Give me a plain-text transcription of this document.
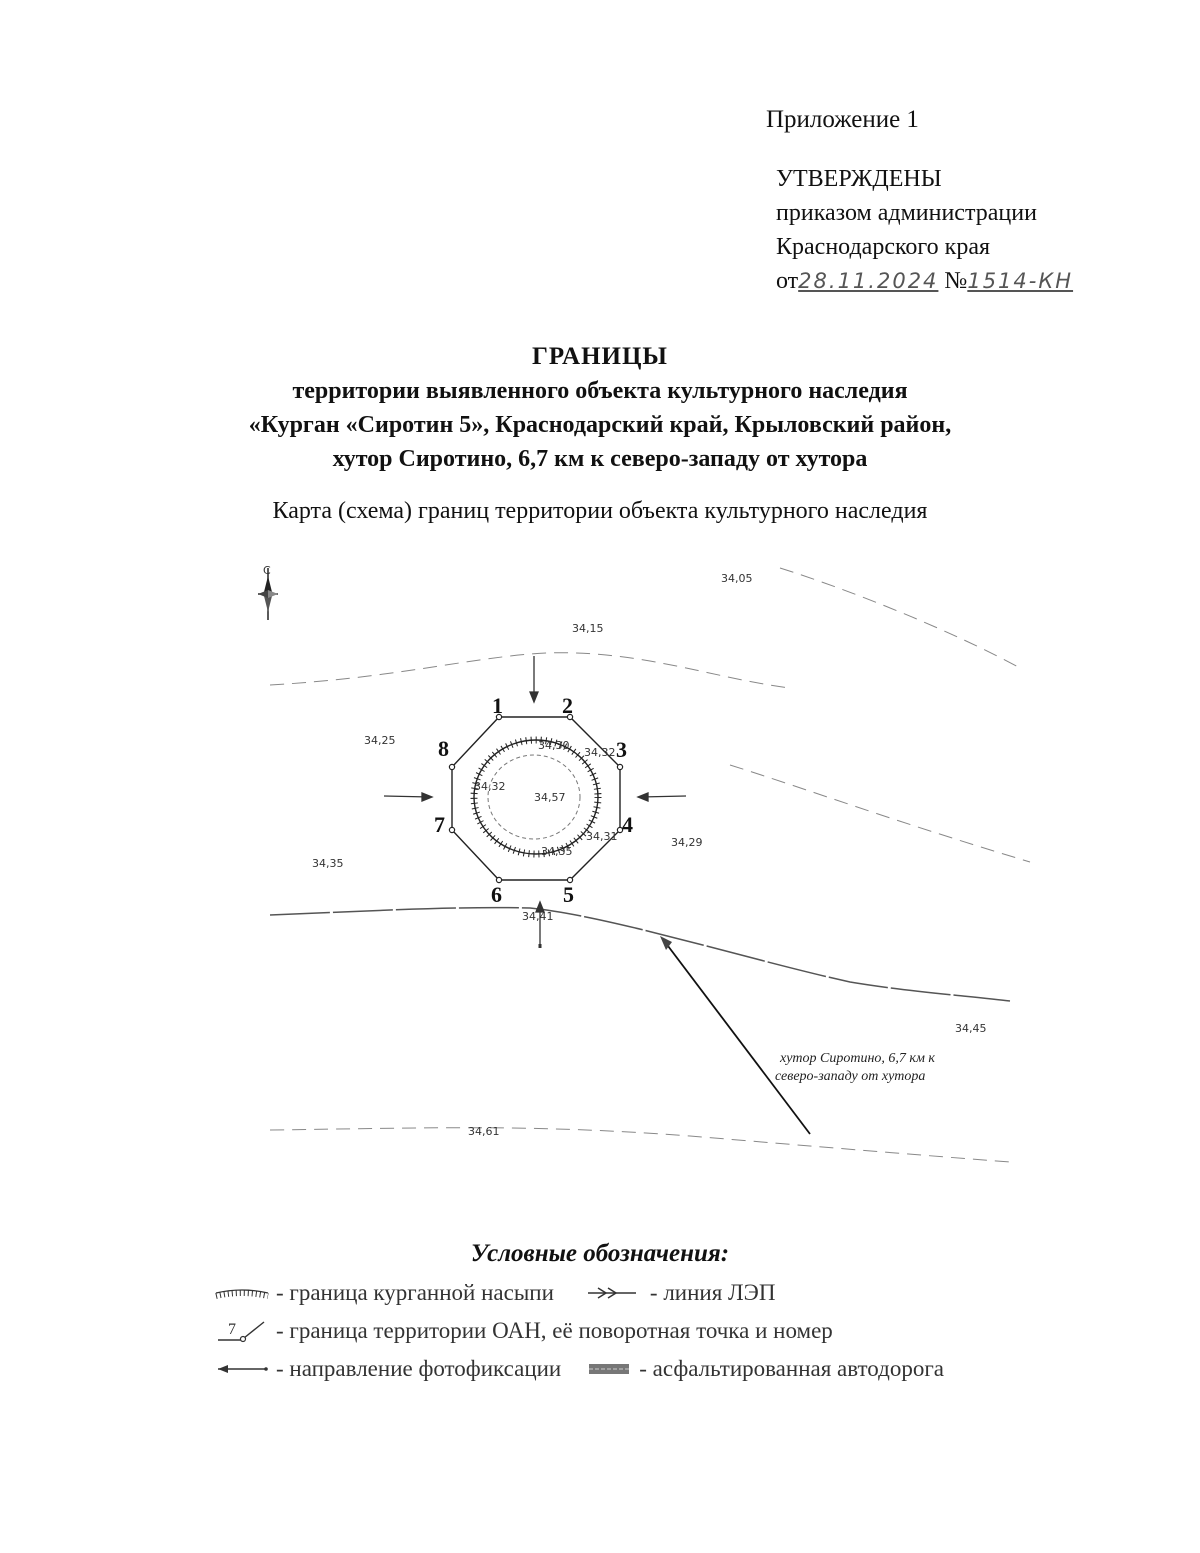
Приложение 1
УТВЕРЖДЕНЫ
приказом администрации
Краснодарского края
от28.11.2024 №1514-КН
ГРАНИЦЫ
территории выявленного объекта культурного наследия
«Курган «Сиротин 5», Краснодарский край, Крыловский район,
хутор Сиротино, 6,7 км к северо-западу от хутора
Карта (схема) границ территории объекта культурного наследия
С
хутор Сиротино, 6,7 км к
северо-западу от хутора
1	2
3
4
5
6
7
8
34,05
34,15
34,25
34,35
34,29
34,45
34,61
34,41
34,32
34,57
34,35
34,31
34,32
34,30
Условные обозначения:
- граница курганной насыпи	- линия ЛЭП
7 - граница территории ОАН, её поворотная точка и номер
- направление фотофиксации	- асфальтированная автодорога
